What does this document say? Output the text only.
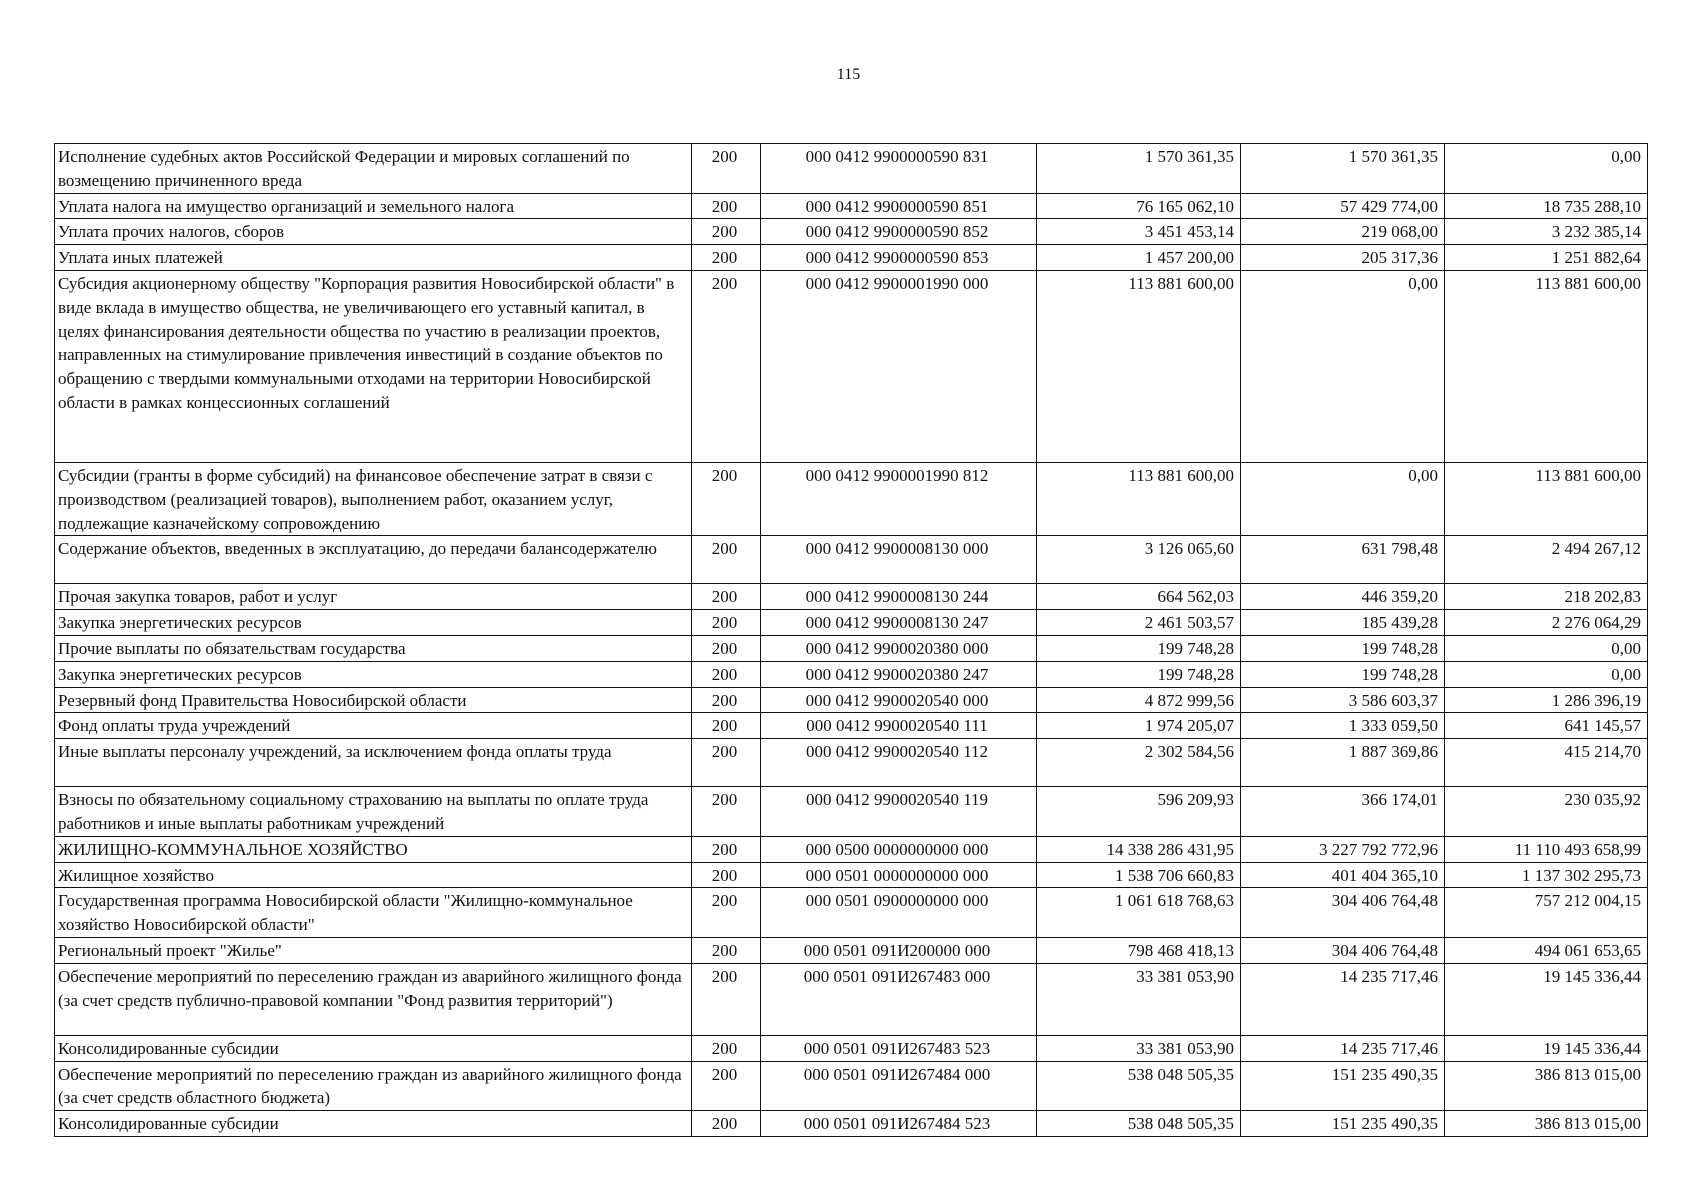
115
Исполнение судебных актов Российской Федерации и мировых соглашений по возмещению причиненного вреда	200	000 0412 9900000590 831	1 570 361,35	1 570 361,35	0,00
Уплата налога на имущество организаций и земельного налога	200	000 0412 9900000590 851	76 165 062,10	57 429 774,00	18 735 288,10
Уплата прочих налогов, сборов	200	000 0412 9900000590 852	3 451 453,14	219 068,00	3 232 385,14
Уплата иных платежей	200	000 0412 9900000590 853	1 457 200,00	205 317,36	1 251 882,64
Субсидия акционерному обществу "Корпорация развития Новосибирской области" в виде вклада в имущество общества, не увеличивающего его уставный капитал, в целях финансирования деятельности общества по участию в реализации проектов, направленных на стимулирование привлечения инвестиций в создание объектов по обращению с твердыми коммунальными отходами на территории Новосибирской области в рамках концессионных соглашений	200	000 0412 9900001990 000	113 881 600,00	0,00	113 881 600,00
Субсидии (гранты в форме субсидий) на финансовое обеспечение затрат в связи с производством (реализацией товаров), выполнением работ, оказанием услуг, подлежащие казначейскому сопровождению	200	000 0412 9900001990 812	113 881 600,00	0,00	113 881 600,00
Содержание объектов, введенных в эксплуатацию, до передачи балансодержателю	200	000 0412 9900008130 000	3 126 065,60	631 798,48	2 494 267,12
Прочая закупка товаров, работ и услуг	200	000 0412 9900008130 244	664 562,03	446 359,20	218 202,83
Закупка энергетических ресурсов	200	000 0412 9900008130 247	2 461 503,57	185 439,28	2 276 064,29
Прочие выплаты по обязательствам государства	200	000 0412 9900020380 000	199 748,28	199 748,28	0,00
Закупка энергетических ресурсов	200	000 0412 9900020380 247	199 748,28	199 748,28	0,00
Резервный фонд Правительства Новосибирской области	200	000 0412 9900020540 000	4 872 999,56	3 586 603,37	1 286 396,19
Фонд оплаты труда учреждений	200	000 0412 9900020540 111	1 974 205,07	1 333 059,50	641 145,57
Иные выплаты персоналу учреждений, за исключением фонда оплаты труда	200	000 0412 9900020540 112	2 302 584,56	1 887 369,86	415 214,70
Взносы по обязательному социальному страхованию на выплаты по оплате труда работников и иные выплаты работникам учреждений	200	000 0412 9900020540 119	596 209,93	366 174,01	230 035,92
ЖИЛИЩНО-КОММУНАЛЬНОЕ ХОЗЯЙСТВО	200	000 0500 0000000000 000	14 338 286 431,95	3 227 792 772,96	11 110 493 658,99
Жилищное хозяйство	200	000 0501 0000000000 000	1 538 706 660,83	401 404 365,10	1 137 302 295,73
Государственная программа Новосибирской области "Жилищно-коммунальное хозяйство Новосибирской области"	200	000 0501 0900000000 000	1 061 618 768,63	304 406 764,48	757 212 004,15
Региональный проект "Жилье"	200	000 0501 091И200000 000	798 468 418,13	304 406 764,48	494 061 653,65
Обеспечение мероприятий по переселению граждан из аварийного жилищного фонда (за счет средств публично-правовой компании "Фонд развития территорий")	200	000 0501 091И267483 000	33 381 053,90	14 235 717,46	19 145 336,44
Консолидированные субсидии	200	000 0501 091И267483 523	33 381 053,90	14 235 717,46	19 145 336,44
Обеспечение мероприятий по переселению граждан из аварийного жилищного фонда (за счет средств областного бюджета)	200	000 0501 091И267484 000	538 048 505,35	151 235 490,35	386 813 015,00
Консолидированные субсидии	200	000 0501 091И267484 523	538 048 505,35	151 235 490,35	386 813 015,00
